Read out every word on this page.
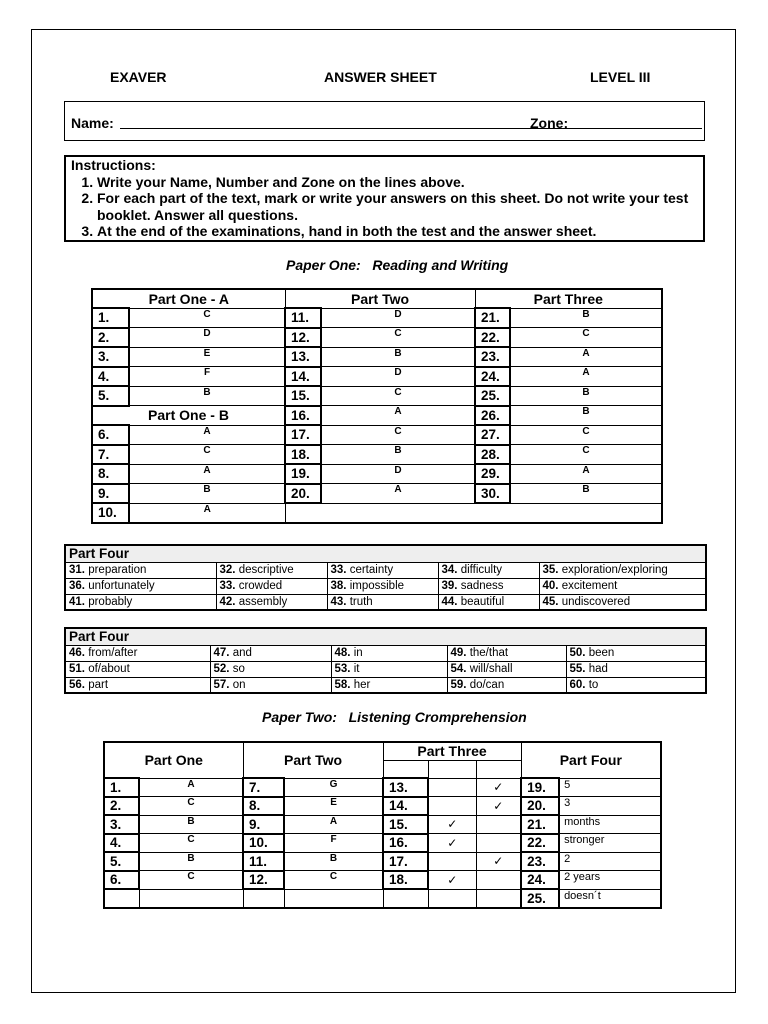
EXAVER	ANSWER SHEET	LEVEL III
Name:	Zone:

Instructions:

1. Write your Name, Number and Zone on the lines above.
2. For each part of the text, mark or write your answers on this sheet. Do not write your test booklet. Answer all questions.
3. At the end of the examinations, hand in both the test and the answer sheet.
Paper One:   Reading and Writing
Part One - A		Part Two		Part Three	
1.	C	11.	D	21.	B
2.	D	12.	C	22.	C
3.	E	13.	B	23.	A
4.	F	14.	D	24.	A
5.	B	15.	C	25.	B
Part One - B		16.	A	26.	B
6.	A	17.	C	27.	C
7.	C	18.	B	28.	C
8.	A	19.	D	29.	A
9.	B	20.	A	30.	B
10.	A				
Part Four				
31. preparation	32. descriptive	33. certainty	34. difficulty	35. exploration/exploring
36. unfortunately	33. crowded	38. impossible	39. sadness	40. excitement
41. probably	42. assembly	43. truth	44. beautiful	45. undiscovered
Part Four				
46. from/after	47. and	48. in	49. the/that	50. been
51. of/about	52. so	53. it	54. will/shall	55. had
56. part	57. on	58. her	59. do/can	60. to
Paper Two:   Listening Cromprehension
Part One		Part Two		Part Three			Part Four	

1.	A	7.	G	13.		✓	19.	5
2.	C	8.	E	14.		✓	20.	3
3.	B	9.	A	15.	✓		21.	months
4.	C	10.	F	16.	✓		22.	stronger
5.	B	11.	B	17.		✓	23.	2
6.	C	12.	C	18.	✓		24.	2 years
							25.	doesn´t
